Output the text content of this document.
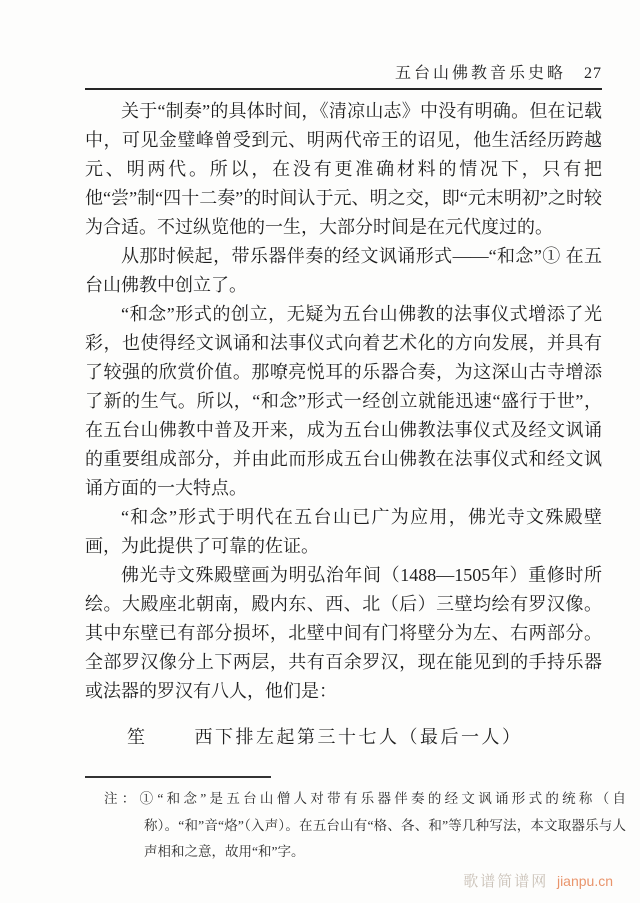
五台山佛教音乐史略 27

关于“制奏”的具体时间，《清凉山志》中没有明确。但在记载中，可见金璧峰曾受到元、明两代帝王的诏见，他生活经历跨越元、明两代。所以，在没有更准确材料的情况下，只有把他“尝”制“四十二奏”的时间认于元、明之交，即“元末明初”之时较为合适。不过纵览他的一生，大部分时间是在元代度过的。

从那时候起，带乐器伴奏的经文讽诵形式——“和念”① 在五台山佛教中创立了。

“和念”形式的创立，无疑为五台山佛教的法事仪式增添了光彩，也使得经文讽诵和法事仪式向着艺术化的方向发展，并具有了较强的欣赏价值。那嘹亮悦耳的乐器合奏，为这深山古寺增添了新的生气。所以，“和念”形式一经创立就能迅速“盛行于世”，在五台山佛教中普及开来，成为五台山佛教法事仪式及经文讽诵的重要组成部分，并由此而形成五台山佛教在法事仪式和经文讽诵方面的一大特点。

“和念”形式于明代在五台山已广为应用，佛光寺文殊殿壁画，为此提供了可靠的佐证。

佛光寺文殊殿壁画为明弘治年间（1488—1505年）重修时所绘。大殿座北朝南，殿内东、西、北（后）三壁均绘有罗汉像。其中东壁已有部分损坏，北壁中间有门将壁分为左、右两部分。全部罗汉像分上下两层，共有百余罗汉，现在能见到的手持乐器或法器的罗汉有八人，他们是：

笙	西下排左起第三十七人（最后一人）
注：①“和念”是五台山僧人对带有乐器伴奏的经文讽诵形式的统称（自称）。“和”音“烙”（入声）。在五台山有“格、各、和”等几种写法，本文取器乐与人声相和之意，故用“和”字。
歌谱简谱网 jianpu.cn
